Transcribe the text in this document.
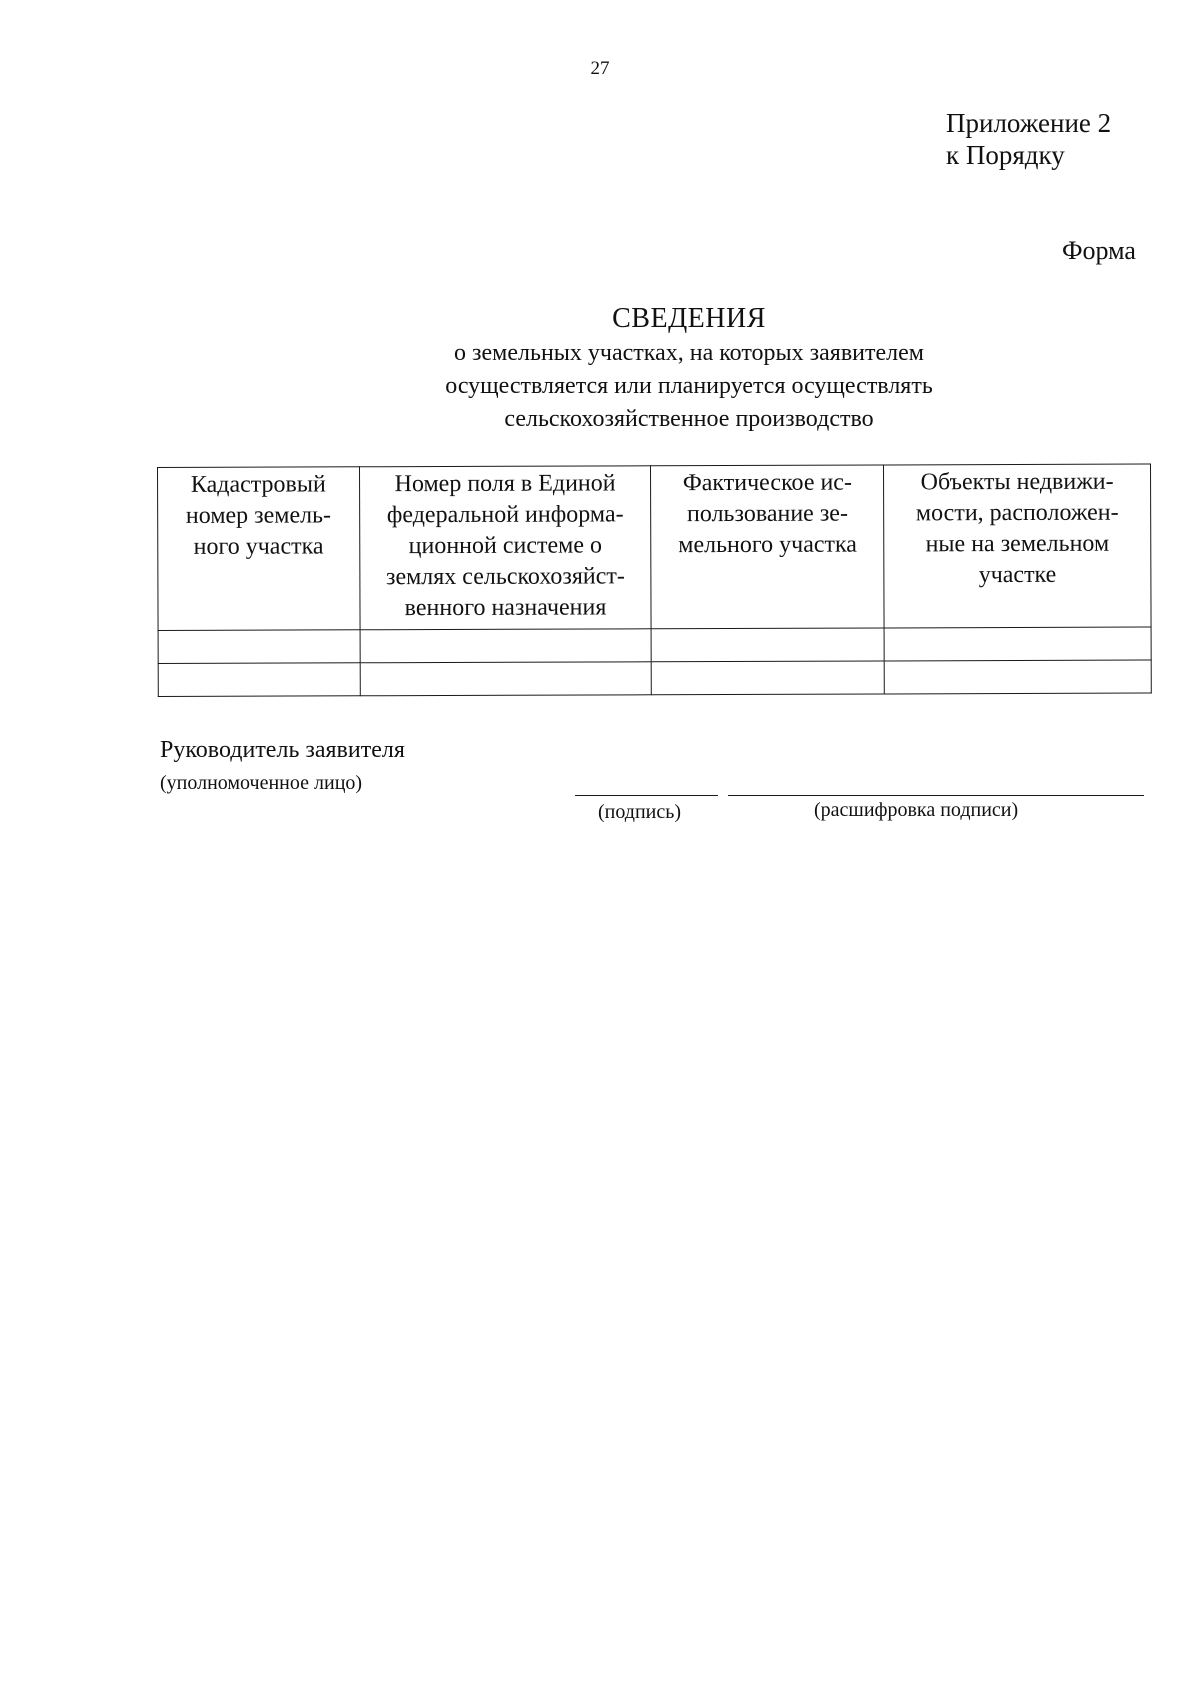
27
Приложение 2
к Порядку
Форма
СВЕДЕНИЯ
о земельных участках, на которых заявителем
осуществляется или планируется осуществлять
сельскохозяйственное производство
Кадастровый
номер земель-
ного участка	Номер поля в Единой
федеральной информа-
ционной системе о
землях сельскохозяйст-
венного назначения	Фактическое ис-
пользование зе-
мельного участка	Объекты недвижи-
мости, расположен-
ные на земельном
участке

Руководитель заявителя
(уполномоченное лицо)
(подпись)	(расшифровка подписи)
